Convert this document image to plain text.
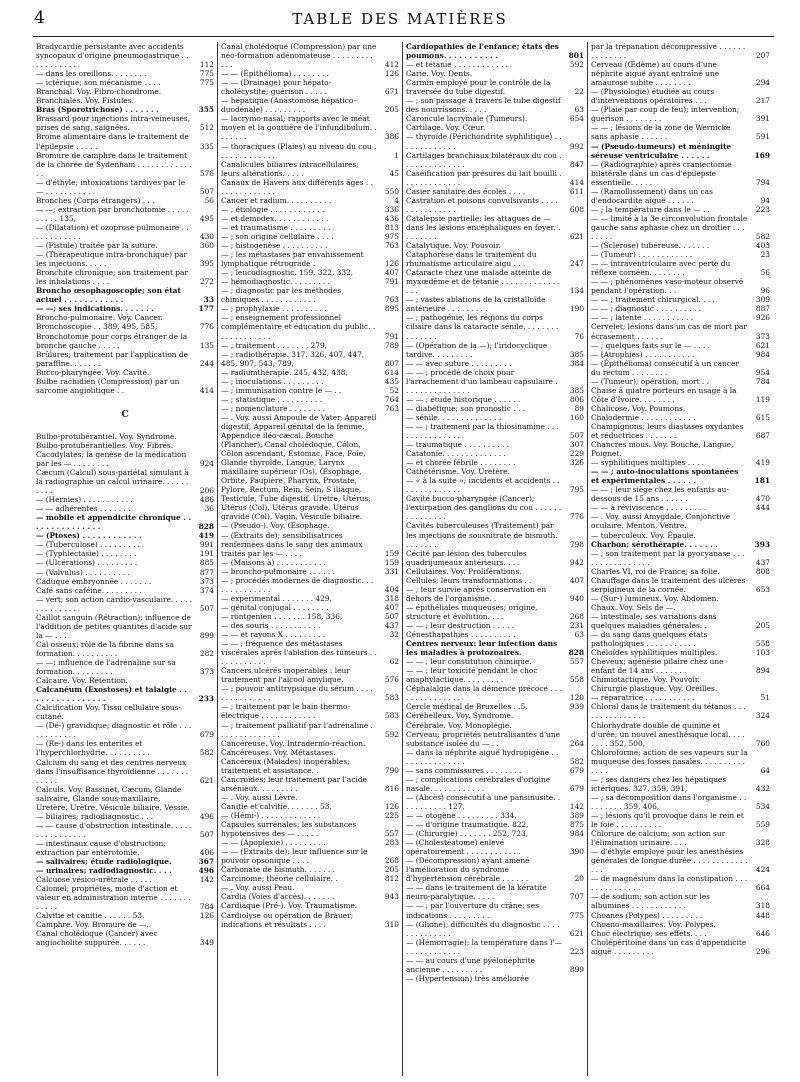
4	TABLE DES MATIÈRES
Bradycardie persistante avec accidents syncopaux d'origine pneumogastrique . . . . . . . . . . .	112
— dans les oreillons. . . . . . . .	775
— ictérique; son mécanisme . . . .	775
Branchial. Voy. Fibro-chondrome.
Branchiales. Voy. Fistules.
Bras (Sporotrichose) . . . . . . .	355
Brassard pour injections intra-veineuses, prises de sang, saignées.	512
Brome alimentaire dans le traitement de l'épilepsie . . . . .	335
Bromure de camphre dans le traitement de la chorée de Sydenham . . . . . . . . . . . . . .	576
— d'éthyle; intoxications tardives par le — . . . . . . . . . . .	507
Bronches (Corps étrangers) . . .	56
— —; extraction par bronchotomie . . . . . . . . . . 135,	495
— (Dilatation) et ozoprose pulmonaire . . . . . . . . . . . .	430
— (Fistule) traitée par la suture.	360
— (Thérapeutique intra-bronchique) par les injections. . . . .	395
Bronchite chronique; son traitement par les inhalations . . . .	272
Broncho œsophagoscopie; son état actuel . . . . . . . . . . . .	33
— —; ses indications. . . . . . .	177
Broncho-pulmonaire. Voy. Cancer.
Bronchoscopie . . 389, 495, 585,	776
Bronchotomie pour corps étranger de la bronche gauche . . . . .	135
Brûlures; traitement par l'application de paraffine. . . . . . .	244
Bucco-pharyngée. Voy. Cavité.
Bulbe rachidien (Compression) par un sarcome angiolitique . .	414
C
Bulbo-protubérantiel. Voy. Syndrome.
Bulbo-protubérantielles. Voy. Fibres.
Cacodylates; la genèse de la médication par les — . . . . . . . .	924
Cæcum (Calcul) sous-pariétal simulant à la radiographie un calcul urinaire. . . . . . . . . .	206
— (Hernies) . . . . . . . . . . .	486
— — adhérentes . . . . . . .	36
— mobile et appendicite chronique . . . . . . . . . . . . . . .	828
— (Ptoses) . . . . . . . . . . . .	419
— (Tuberculose) . . . . . . . . .	991
— (Typhlectasie) . . . . . . . .	191
— (Ulcérations) . . . . . . . . .	885
— (Volvulus) . . . . . . . . . .	877
Caduque embryonnée . . . . . . .	373
Café sans caféine. . . . . . . . .	374
— vert; son action cardio-vasculaire. . . . . . . . . . . . . .	507
Caillot sanguin (Rétraction); influence de l'addition de petites quantités d'acide sur la — . . .	899
Cal osseux; rôle de la fibrine dans sa formation. . . . . . . . . .	282
— —; influence de l'adrénaline sur sa formation. . . . . . . . .	373
Calcaire. Voy. Rétention.
Calcanéum (Exostoses) et talalgie . . . . . . . . . . . . . . . .	233
Calcification Voy. Tissu cellulaire sous-cutané.
— (Dé-) gravidique; diagnostic et rôle . . . . . . . . . . . .	679
— (Re-) dans les enterites et l'hyperchlorhydrie. . . . . . . . . .	582
Calcium du sang et des centres nerveux dans l'insuffisance thyroïdienne . . . . . . . . . . . .	621
Calculs. Voy. Bassinet, Cæcum, Glande salivaire, Glande sous-maxillaire, Uretère, Urètre, Vésicule biliaire, Vessie.
— biliaires; radiodiagnostic . . .	496
— — cause d'obstruction intestinale. . . . . . . . . . . . . . . .	507
— intestinaux cause d'obstruction; extraction par entérotomie.	406
— salivaires; étude radiologique.	367
— urinaires; radiodiagnostic. . . .	496
Calcuose vésico-urétrale . . . . .	142
Calomel; propriétés, mode d'action et valeur en administration interne . . . . . . . . . . . .	784
Calvitie et canitie . . . . . . 53,	126
Camphre. Voy. Bromure de —.
Canal cholédoque (Cancer) avec angiocholite suppurée. . . . . .	349
Canal cholédoque (Compression) par une néo-formation adénomateuse . . . . . . . . . . . .	412
— — (Épithélioma) . . . . . . . .	126
— — (Drainage) pour hépato-cholécystite; guérison . . . . .	671
— hépatique (Anastomose hépatico-duodénale) . . . . . . . . .	205
— lacrymo-nasal; rapports avec le méat moyen et la gouttière de l'infundibulum. . . . . . . .	386
— thoraciques (Plaies) au niveau du cou . . . . . . . . . . . . .	1
Canalicules biliaires intracellulaires; leurs altérations. . . . .	45
Canaux de Havers aux différents âges . . . . . . . . . . . . . .	550
Cancer et radium. . . . . . . . . .	4
— ; étiologie . . . . . . . . . . . .	336
— et demodex. . . . . . . . . . . .	436
— et traumatisme . . . . . . . . .	813
— ; son origine cellulaire . . . .	975
— ; histogenèse . . . . . . . . . .	763
— ; les métastases par envahissement lymphatique rétrograde .	126
— ; leucodiagnostic. 159, 322, 332,	407
— hémodiagnostic. . . . . . . . .	791
— ; diagnostic par les méthodes chimiques . . . . . . . . . . . .	763
— ; prophylaxie . . . . . . . . . .	895
— ; enseignement professionnel complémentaire et éducation du public. . . . . . . . . . . . .	791
— ; traitement . . . . . . . 279,	789
— ; radiothérapie. 317. 326, 407, 447, 485, 907, 543, 789,	807
— radiumthérapie. 245, 432, 438,	614
— ; inoculations . . . . . . . . .	435
— ; immunisation contre le — . .	52
— ; statistique . . . . . . . . . .	764
— ; nomenclature . . . . . . . .	763
— . Voy. aussi Ampoule de Vater, Appareil digestif, Appareil génital de la femme, Appendice iléo-cæcal, Bouche (Plancher), Canal cholédoque, Côlon, Côlon ascendant, Estomac, Face, Foie, Glande thyroïde, Langue, Larynx maxillaire supérieur (Os), Œsophage, Orbite, Paupière, Pharynx, Prostate, Pylore, Rectum, Rein, Sein, S iliaque, Testicule, Tube digestif, Urètre, Utérus, Utérus (Col), Utérus gravide, Utérus gravide (Col), Vagin, Vésicule biliaire.
— (Pseudo-). Voy. Œsophage.
— (Extraits de); sensibilisatrices renfermées dans le sang des animaux traités par les — . . . .	159
— (Maisons à) . . . . . . . . . . .	159
— broncho-pulmonaire . . . . . .	331
— ; procédés modernes de diagnostic. . . . . . . . . . . . . .	404
— expérimental . . . . . . . 429,	318
— génital conjugal . . . . . . . .	407
— röntgenien . . . . . . . 158, 336,	507
— des souris . . . . . . . . . . .	437
— — et rayons X . . . . . . . . .	32
— — ; fréquence des métastases viscérales après l'ablation des tumeurs . . . . . . . . . . . .	62
Cancers ulcérés inopérables : leur traitement par l'alcool amylique.	576
— ; pouvoir antitrypsique du sérum . . . . . . . . . . . . . . .	583
— ; traitement par le bain thermo-électrique . . . . . . . . . . . .	583
— ; traitement palliatif par l'adrénaline . . . . . . . . . . . . . .	592
Cancéreuse. Voy. Intradermo-réaction.
Cancéreuses. Voy. Métastases.
Cancéreux (Malades) inopérables; traitement et assistance. .	790
Cancroïdes; leur traitement par l'acide arsénieux. . . . . . . . .	816
— . Voy. aussi Lèvre.
Canitie et calvitie. . . . . . . 53,	126
— (Hémi-) . . . . . . . . . . . . .	225
Capsules surrénales; les substances hypotensives des — . . . . .	557
— — (Apoplexie) . . . . . . . . .	283
— — (Extraits de); leur influence sur le pouvoir opsonique . . . .	268
Carbonate de bismuth. . . . . . .	205
Carcinome; théorie cellulaire. .	812
— . Voy. aussi Peau.
Cardia (Voies d'accès). . . . . . .	943
Cardiaque (Pré-). Voy. Traumatisme.
Cardiolyse ou opération de Brauer; indications et résultats . . . .	310
Cardiopathies de l'enfance; états des poumons. . . . . . . . . . .	801
— et tétanie . . . . . . . . . . . .	592
Carie. Voy. Dents.
Carmin employé pour le contrôle de la traversée du tube digestif.	22
— ; son passage à travers le tube digestif des nourrissons. . . . .	63
Caroncule lacrymale (Tumeurs).	654
Cartilage. Voy. Cœur.
— thyroïde (Périchondrite syphilitique) . . . . . . . . . . . . .	992
Cartilages branchiaux bilatéraux du cou . . . . . . . . . . . . . .	847
Caséification par présures du lait bouilli . . . . . . . . . . . . .	414
Casier sanitaire des écoles . . . .	611
Castration et poisons convulsivants . . . . . . . . . . . . . . .	608
Catalepsie partielle; les attaques de — dans les lésions encéphaliques en foyer. . . . . . . . .	621
Catalytique. Voy. Pouvoir.
Cataphorèse dans le traitement du rhumatisme articulaire aigu . . .	247
Cataracte chez une malade atteinte de myxœdème et de tétanie . . . . . . . . . . . . . . . .	134
— ; vastes ablations de la cristalloïde antérieure . . . . . . . . .	190
— ; pathogénie, les régions du corps ciliaire dans la cataracte sénile. . . . . . . . . . . . . . .	76
— (Opération de la —); l'iridocyclique tardive. . . . . . . . .	385
— — avec suture . . . . . . . . .	384
— — ; procédé de choix pour l'arrachement d'un lambeau capsulaire . . . . . . . . . . . . . . .	385
— — ; étude historique . . . . . .	806
— diabétique; son pronostic . . .	89
— sénile. . . . . . . . . . . . . .	160
— — ; traitement par la thiosinamine . . . . . . . . . . . . . . .	507
— traumatique . . . . . . . . . .	307
Catatonie. . . . . . . . . . . . . .	229
— et chorée fébrile . . . . . . . .	326
Cathétérisme. Voy. Uretère.
— « à la suite »; incidents et accidents . . . . . . . . . . . . . .	795
Cavité bucco-pharyngée (Cancer); l'extirpation des ganglions du cou . . . . . . . . . . . . . . .	776
Cavités tuberculeuses (Traitement) par les injections de sousnitrate de bismuth. . . . . . . .	798
Cécité par lésion des tubercules quadrijumeaux antérieurs. . . .	942
Cellulaires. Voy. Proliférations.
Cellules; leurs transformations . .	407
— ; leur survie après conservation en dehors de l'organisme. .	940
— épithéliales muqueuses; origine, structure et évolution. . . .	268
— — ; leur destruction . . . . .	231
Cénesthapathies . . . . . . . . . .	63
Centres nerveux: leur infection dans les maladies à protozoaires.	828
— — ; leur constitution chimique.	557
— — ; leur toxicité pendant le choc anaphylactique. . . . . . . . .	558
Céphalalgie dans la démence précoce . . . . . . . . . . . . . . .	120
Cercle médical de Bruxelles . .5,	939
Cérébelleux. Voy. Syndrome.
Cérébrale. Voy. Monoplégie.
Cerveau; propriétés neutralisantes d'une substance isolée du — . .	264
— dans la néphrite aiguë hydropigène . . . . . . . . . . . . . . .	582
— sans commissures . . . . . . . .	679
— ; complications cérébrales d'origine nasale. . . . . . . . . . . .	679
— (Abcès) consécutif à une pansinusite. . . . . . . . . . . 127,	142
— — otogène . . . . . . . . . 334,	389
— — d'origine traumatique. 822,	875
— (Chirurgie) . . . . . . . 252, 723,	984
— (Cholestéatome) enlevé opératoirement . . . . . . . . . . . .	390
— (Décompression) ayant amené l'amélioration du syndrome d'hypertension cérébrale . . . . . .	20
— — dans le traitement de la kératite neuro-paralytique. . . . .	707
— — ; par l'ouverture du crâne; ses indications . . . . . . . . .	775
— (Glione); difficultés du diagnostic . . . . . . . . . . . . . .	621
— (Hémorragie); la température dans l'— . . . . . . . . . . . .	223
— — au cours d'une pyélonéphrite ancienne . . . . . . . . .	899
— (Hypertension) très améliorée
par la trépanation décompressive . . . . . . . . . . . . . .	207
Cerveau (Œdème) au cours d'une néphrite aiguë ayant entraîné une amaurose subite . . . . . . . .	294
— (Physiologie) étudiée au cours d'interventions opératoires . . .	217
— (Plaie par coup de feu); intervention; guérison . . . . . . . .	391
— — ; lésions de la zone de Wernicke sans aphasie . . . . . .	591
— (Pseudo-tumeurs) et méningite séreuse ventriculaire . . . . . .	169
— (Radiographie) après craniectomie bilatérale dans un cas d'épilepsie essentielle. . . . .	794
— (Ramollissement) dans un cas d'endocardite aiguë . . . . . .	94
— ; la température dans le — . .	223
— — limité à la 3e circonvolution frontale gauche sans aphasie chez un droitier . . . . . . . .	582
— (Sclérose) tubéreuse. . . . . . .	403
— (Tumeur) . . . . . . . . . . . .	23
— — intraventriculaire avec perte du réflexe cornéen. . . . . . . .	56
— — ; phénomènes vaso-moteur observé pendant l'opération. . .	96
— — ; traitement chirurgical. . . .	309
— — ; diagnostic . . . . . . . . . .	887
— — ; latente . . . . . . . . . . .	926
Cervelet; lésions dans un cas de mort par écrasement . . . . . .	373
— ; quelques faits sur le — . . . .	621
— (Atrophies) . . . . . . . . . . .	984
— (Épithélioma) consécutif à un cancer du rectum . . . . . . . .	954
— (Tumeur); opération; mort . .	784
Chaise à quatre porteurs en usage à la Côte d'Ivoire. . . . . . . .	119
Chalicose. Voy. Poumons.
Chalodermie . . . . . . . . . . . .	615
Champignons; leurs diastases oxydantes et réductrices . . . . . . .	687
Chancres mous. Voy. Bouche, Langue, Poignet.
— syphilitiques multiples . . . .	419
— — ; auto-inoculations spontanées et expérimentales . . . . . .	181
— — ; leur siège chez les enfants au-dessous de 15 ans . . . . . .	470
— — à réviviscence . . . . . . . . .	444
— . Voy. aussi Amygdale, Conjonctive oculaire, Menton, Ventre.
— tuberculeux. Voy. Épaule.
Charbon; sérothérapie. . . . . . .	393
— ; son traitement par la pyocyanase . . . . . . . . . . . . . . . .	437
Charles VI, roi de France; sa folie.	808
Chauffage dans le traitement des ulcères serpigineux de la cornée.	653
— (Sur-) lumineux. Voy. Abdomen.
Chaux. Voy. Sels de —.
— intestinale; ses variations dans quelques maladies générales. .	205
— du sang dans quelques états pathologiques . . . . . . . . . . .	558
Chéloïdes syphilitiques multiples.	103
Cheveux; agénésie pilaire chez une enfant de 14 ans . . . . . . .	894
Chimiotactique. Voy. Pouvoir.
Chirurgie plastique. Voy. Oreilles.
— réparatrice . . . . . . . . . . .	51
Chloral dans le traitement du tétanos . . . . . . . . . . . . . . .	324
Chlorhydrate double de quinine et d'urée; un nouvel anesthésique local. . . . . . . . 352, 500,	760
Chloroforme; action de ses vapeurs sur la muqueuse des fosses nasales. . . . . . . . . . . . . .	64
— ; ses dangers chez les hépatiques ictériques. 327, 359, 391,	432
— ; sa décomposition dans l'organisme . . . . . . . . . 359, 406,	534
— ; lésions qu'il provoque dans le rein et le foie . . . . . . . . . .	559
Chlorure de calcium; son action sur l'élimination urinaire. . . .	328
— d'éthyle employé pour les anesthésies générales de longue durée . . . . . . . . . . . . . . .	424
— de magnésium dans la constipation . . . . . . . . . . . . . .	664
— de sodium; son action sur les albumines . . . . . . . . . . . .	318
Choanes (Polypes) . . . . . . . . .	448
Choano-maxillaires. Voy. Polypes.
Choc électrique; ses effets. . . .	646
Cholépéritoine dans un cas d'appendicite aiguë . . . . . . . . .	296
